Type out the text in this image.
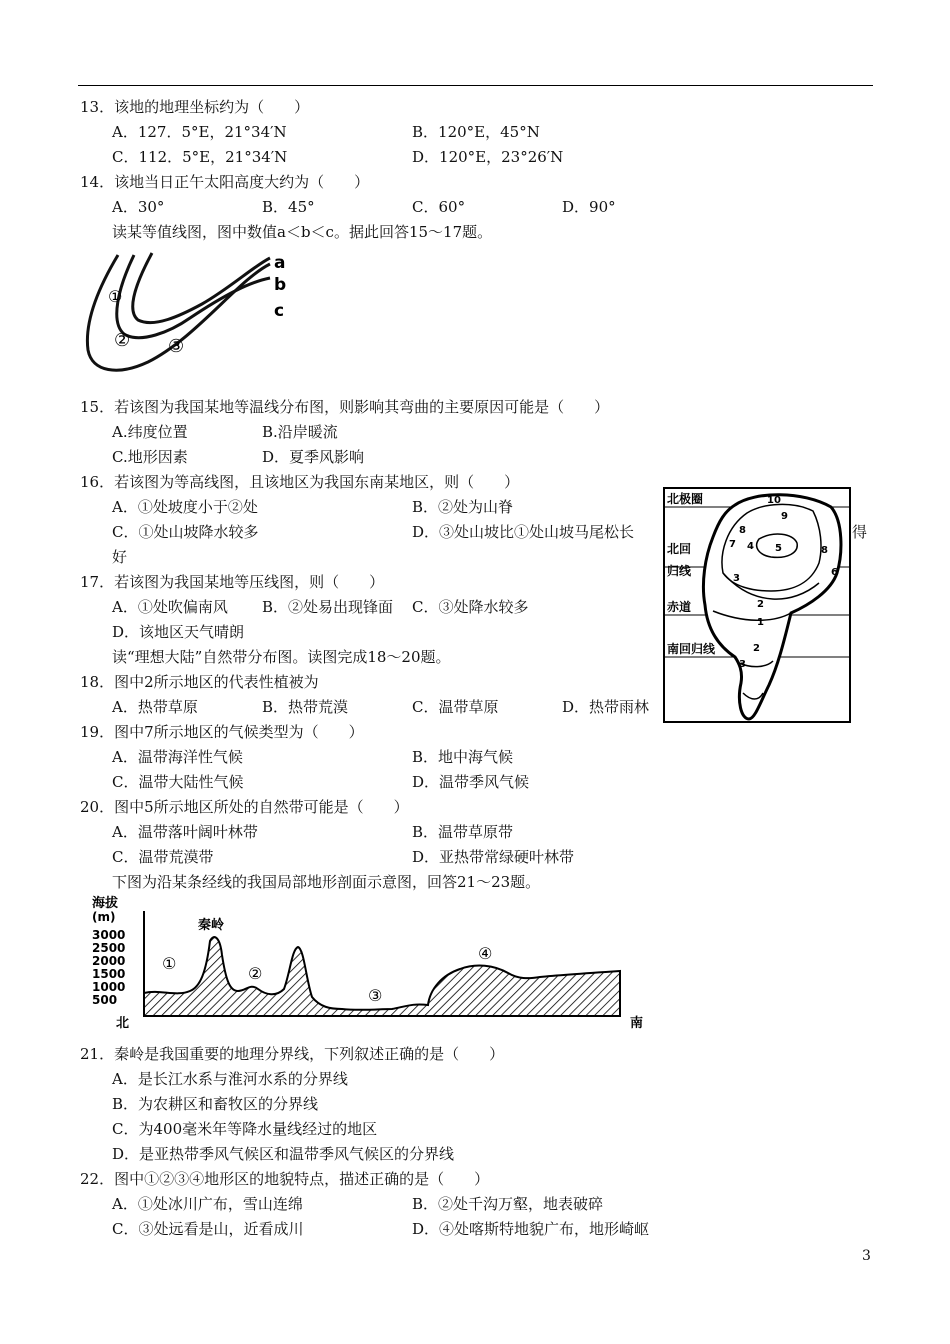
13．该地的地理坐标约为（　　）
A．127．5°E，21°34′N	B．120°E，45°N
C．112．5°E，21°34′N	D．120°E，23°26′N
14．该地当日正午太阳高度大约为（　　）
A．30°	B．45°	C．60°	D．90°
读某等值线图，图中数值a＜b＜c。据此回答15～17题。
a
b
c
①
② ③
15．若该图为我国某地等温线分布图，则影响其弯曲的主要原因可能是（　　）
A.纬度位置	B.沿岸暖流
C.地形因素	D．夏季风影响
16．若该图为等高线图，且该地区为我国东南某地区，则（　　）
A．①处坡度小于②处	B．②处为山脊
C．①处山坡降水较多	D．③处山坡比①处山坡马尾松长	得
好
17．若该图为我国某地等压线图，则（　　）
A．①处吹偏南风 B．②处易出现锋面 C．③处降水较多
D．该地区天气晴朗
读“理想大陆”自然带分布图。读图完成18～20题。
北极圈
北回
归线
赤道
南回归线
10
9
8
7 4 5	8
6
3
2
1
2
3
18．图中2所示地区的代表性植被为
A．热带草原	B．热带荒漠	C．温带草原	D．热带雨林
19．图中7所示地区的气候类型为（　　）
A．温带海洋性气候	B．地中海气候
C．温带大陆性气候	D．温带季风气候
20．图中5所示地区所处的自然带可能是（　　）
A．温带落叶阔叶林带	B．温带草原带
C．温带荒漠带	D．亚热带常绿硬叶林带
下图为沿某条经线的我国局部地形剖面示意图，回答21～23题。
海拔
(m)
3000
2500
2000
1500
1000
500
秦岭
①
②
③
④
北	南
21．秦岭是我国重要的地理分界线，下列叙述正确的是（　　）
A．是长江水系与淮河水系的分界线
B．为农耕区和畜牧区的分界线
C．为400毫米年等降水量线经过的地区
D．是亚热带季风气候区和温带季风气候区的分界线
22．图中①②③④地形区的地貌特点，描述正确的是（　　）
A．①处冰川广布，雪山连绵	B．②处千沟万壑，地表破碎
C．③处远看是山，近看成川	D．④处喀斯特地貌广布，地形崎岖
3
